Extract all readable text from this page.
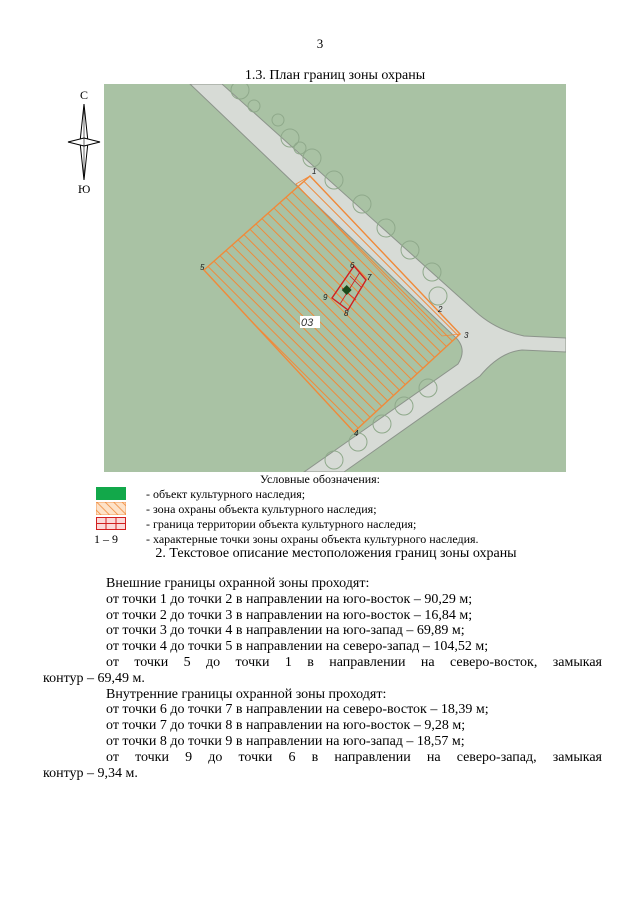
3
1.3. План границ зоны охраны
С
Ю
1
2
3
4
5	6
7
8
9
03
Условные обозначения:
- объект культурного наследия;
- зона охраны объекта культурного наследия;
- граница территории объекта культурного наследия;
1 – 9 - характерные точки зоны охраны объекта культурного наследия.
2. Текстовое описание местоположения границ зоны охраны

Внешние границы охранной зоны проходят:

от точки 1 до точки 2 в направлении на юго-восток – 90,29 м;

от точки 2 до точки 3 в направлении на юго-восток – 16,84 м;

от точки 3 до точки 4 в направлении на юго-запад – 69,89 м;

от точки 4 до точки 5 в направлении на северо-запад – 104,52 м;

от точки 5 до точки 1 в направлении на северо-восток, замыкая

контур – 69,49 м.

Внутренние границы охранной зоны проходят:

от точки 6 до точки 7 в направлении на северо-восток – 18,39 м;

от точки 7 до точки 8 в направлении на юго-восток – 9,28 м;

от точки 8 до точки 9 в направлении на юго-запад – 18,57 м;

от точки 9 до точки 6 в направлении на северо-запад, замыкая

контур – 9,34 м.
